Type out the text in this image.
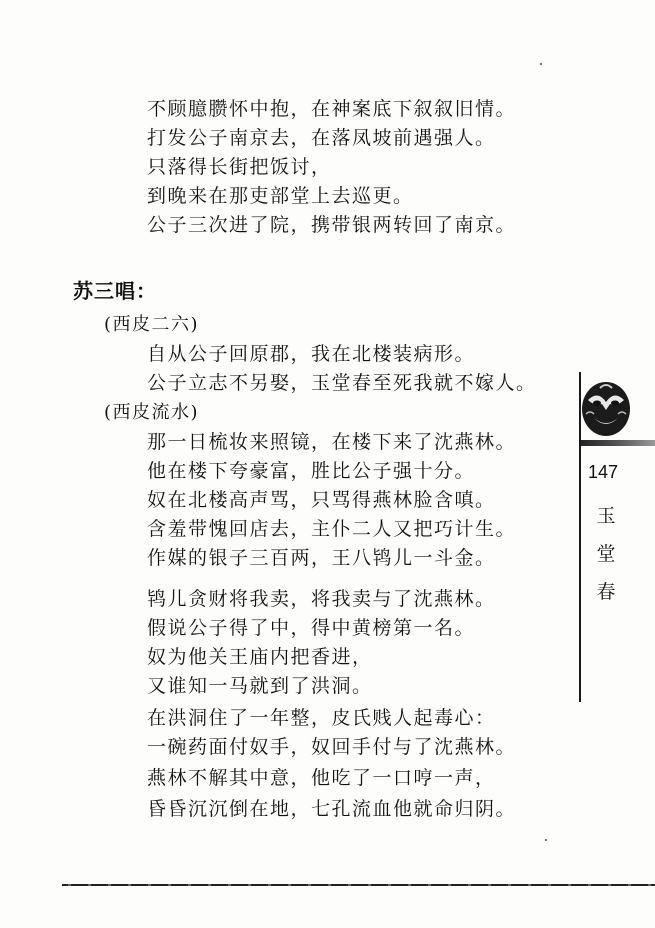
不顾臆臜怀中抱，在神案底下叙叙旧情。
打发公子南京去，在落凤坡前遇强人。
只落得长街把饭讨，
到晚来在那吏部堂上去巡更。
公子三次进了院，携带银两转回了南京。
苏三唱：
(西皮二六)
自从公子回原郡，我在北楼装病形。
公子立志不另娶，玉堂春至死我就不嫁人。
(西皮流水)
那一日梳妆来照镜，在楼下来了沈燕林。
他在楼下夸豪富，胜比公子强十分。
奴在北楼高声骂，只骂得燕林脸含嗔。
含羞带愧回店去，主仆二人又把巧计生。
作媒的银子三百两，王八鸨儿一斗金。
鸨儿贪财将我卖，将我卖与了沈燕林。
假说公子得了中，得中黄榜第一名。
奴为他关王庙内把香进，
又谁知一马就到了洪洞。
在洪洞住了一年整，皮氏贱人起毒心：
一碗药面付奴手，奴回手付与了沈燕林。
燕林不解其中意，他吃了一口哼一声，
昏昏沉沉倒在地，七孔流血他就命归阴。
147
玉堂春
